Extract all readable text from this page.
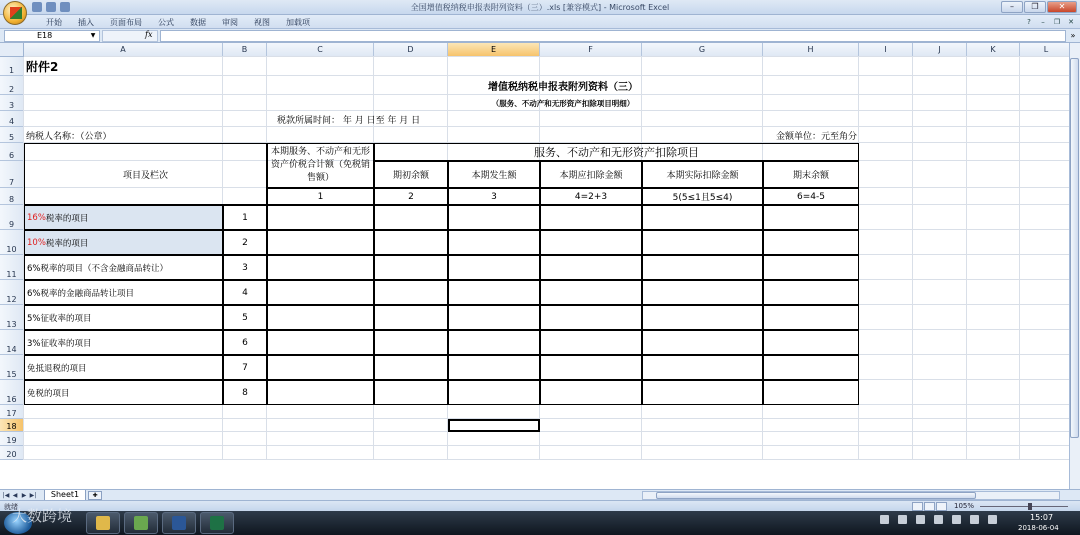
全国增值税纳税申报表附列资料（三）.xls [兼容模式] - Microsoft Excel	–	❐	✕
开始	插入	页面布局	公式	数据	审阅	视图	加载项	?	–	❐	✕
E18	▼	fx	»
A	B	C	D	E	F	G	H	I	J	K	L
1
2
3
4
5
6
7
8
9
10
11
12
13
14
15
16
17
18
19
20
附件2
增值税纳税申报表附列资料（三）
（服务、不动产和无形资产扣除项目明细）
税款所属时间： 年 月 日至 年 月 日
纳税人名称：（公章）	金额单位：元至角分
项目及栏次
本期服务、不动产和无形资产价税合计额（免税销售额）
服务、不动产和无形资产扣除项目
期初余额	本期发生额	本期应扣除金额	本期实际扣除金额	期末余额
1	2	3	4=2+3	5(5≤1且5≤4)	6=4-5
16% 税率的项目	1
10% 税率的项目	2
6%税率的项目（不含金融商品转让）	3
6%税率的金融商品转让项目	4
5%征收率的项目	5
3%征收率的项目	6
免抵退税的项目	7
免税的项目	8
|◀ ◀ ▶ ▶|	Sheet1	✚
就绪	105%
15:07
2018-06-04
大数跨境
